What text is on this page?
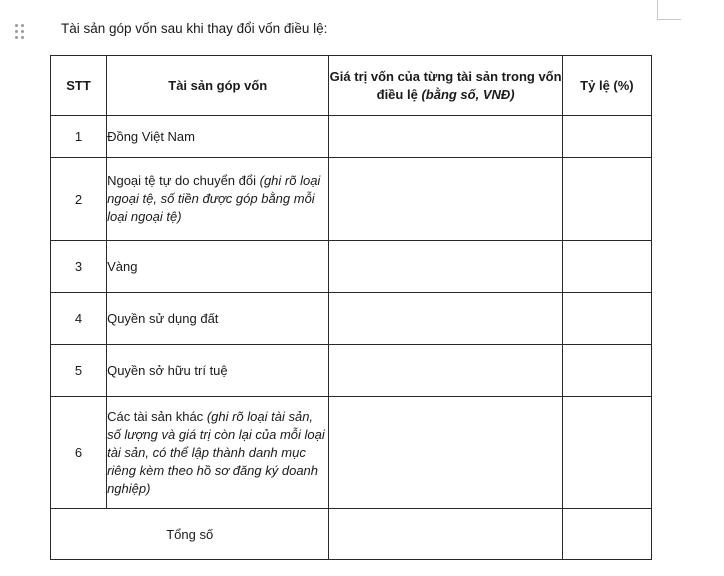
Tài sản góp vốn sau khi thay đổi vốn điều lệ:
STT	Tài sản góp vốn	Giá trị vốn của từng tài sản trong vốn điều lệ (bằng số, VNĐ)	Tỷ lệ (%)
1	Đồng Việt Nam		
2	Ngoại tệ tự do chuyển đổi (ghi rõ loại ngoại tệ, số tiền được góp bằng mỗi loại ngoại tệ)		
3	Vàng		
4	Quyền sử dụng đất		
5	Quyền sở hữu trí tuệ		
6	Các tài sản khác (ghi rõ loại tài sản, số lượng và giá trị còn lại của mỗi loại tài sản, có thể lập thành danh mục riêng kèm theo hồ sơ đăng ký doanh nghiệp)		
Tổng số			
